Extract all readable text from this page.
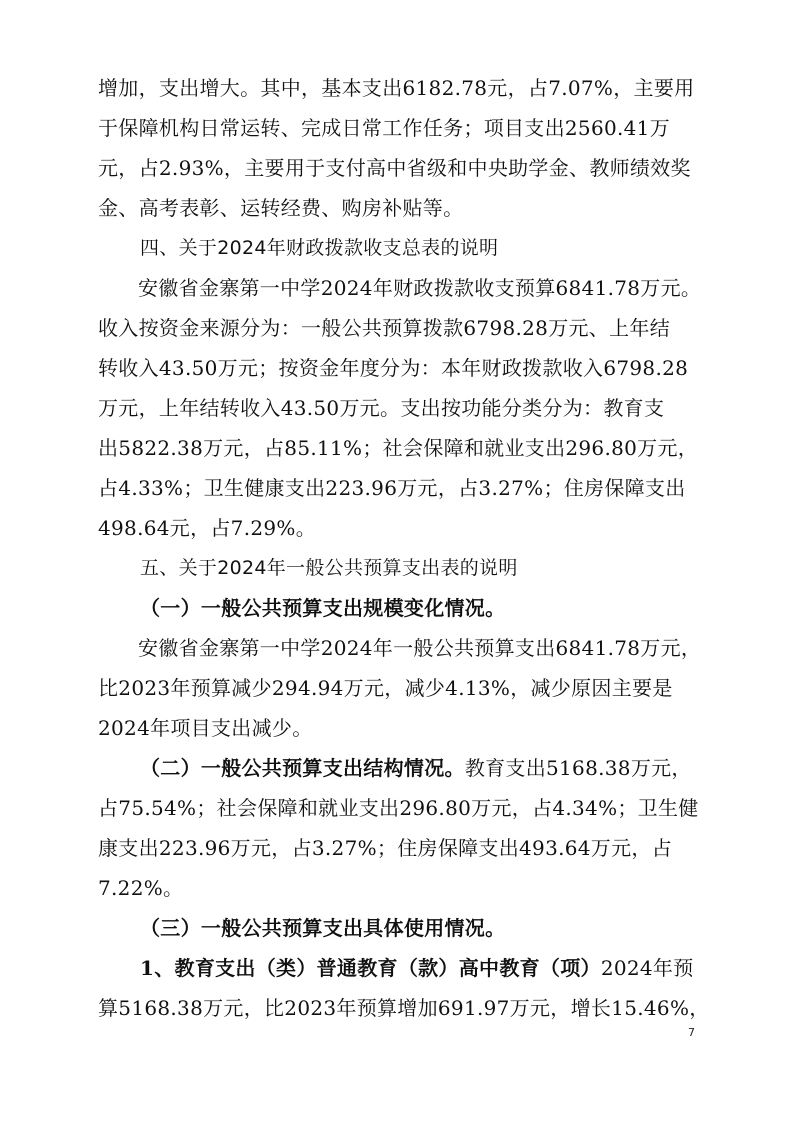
增加，支出增大。其中，基本支出6182.78元，占7.07%，主要用
于保障机构日常运转、完成日常工作任务；项目支出2560.41万
元，占2.93%，主要用于支付高中省级和中央助学金、教师绩效奖
金、高考表彰、运转经费、购房补贴等。
四、关于2024年财政拨款收支总表的说明
安徽省金寨第一中学2024年财政拨款收支预算6841.78万元。
收入按资金来源分为：一般公共预算拨款6798.28万元、上年结
转收入43.50万元；按资金年度分为：本年财政拨款收入6798.28
万元，上年结转收入43.50万元。支出按功能分类分为：教育支
出5822.38万元，占85.11%；社会保障和就业支出296.80万元，
占4.33%；卫生健康支出223.96万元，占3.27%；住房保障支出
498.64元，占7.29%。
五、关于2024年一般公共预算支出表的说明
（一）一般公共预算支出规模变化情况。
安徽省金寨第一中学2024年一般公共预算支出6841.78万元，
比2023年预算减少294.94万元，减少4.13%，减少原因主要是
2024年项目支出减少。
（二）一般公共预算支出结构情况。教育支出5168.38万元，
占75.54%；社会保障和就业支出296.80万元，占4.34%；卫生健
康支出223.96万元，占3.27%；住房保障支出493.64万元，占
7.22%。
（三）一般公共预算支出具体使用情况。
1、教育支出（类）普通教育（款）高中教育（项）2024年预
算5168.38万元，比2023年预算增加691.97万元，增长15.46%，
7
